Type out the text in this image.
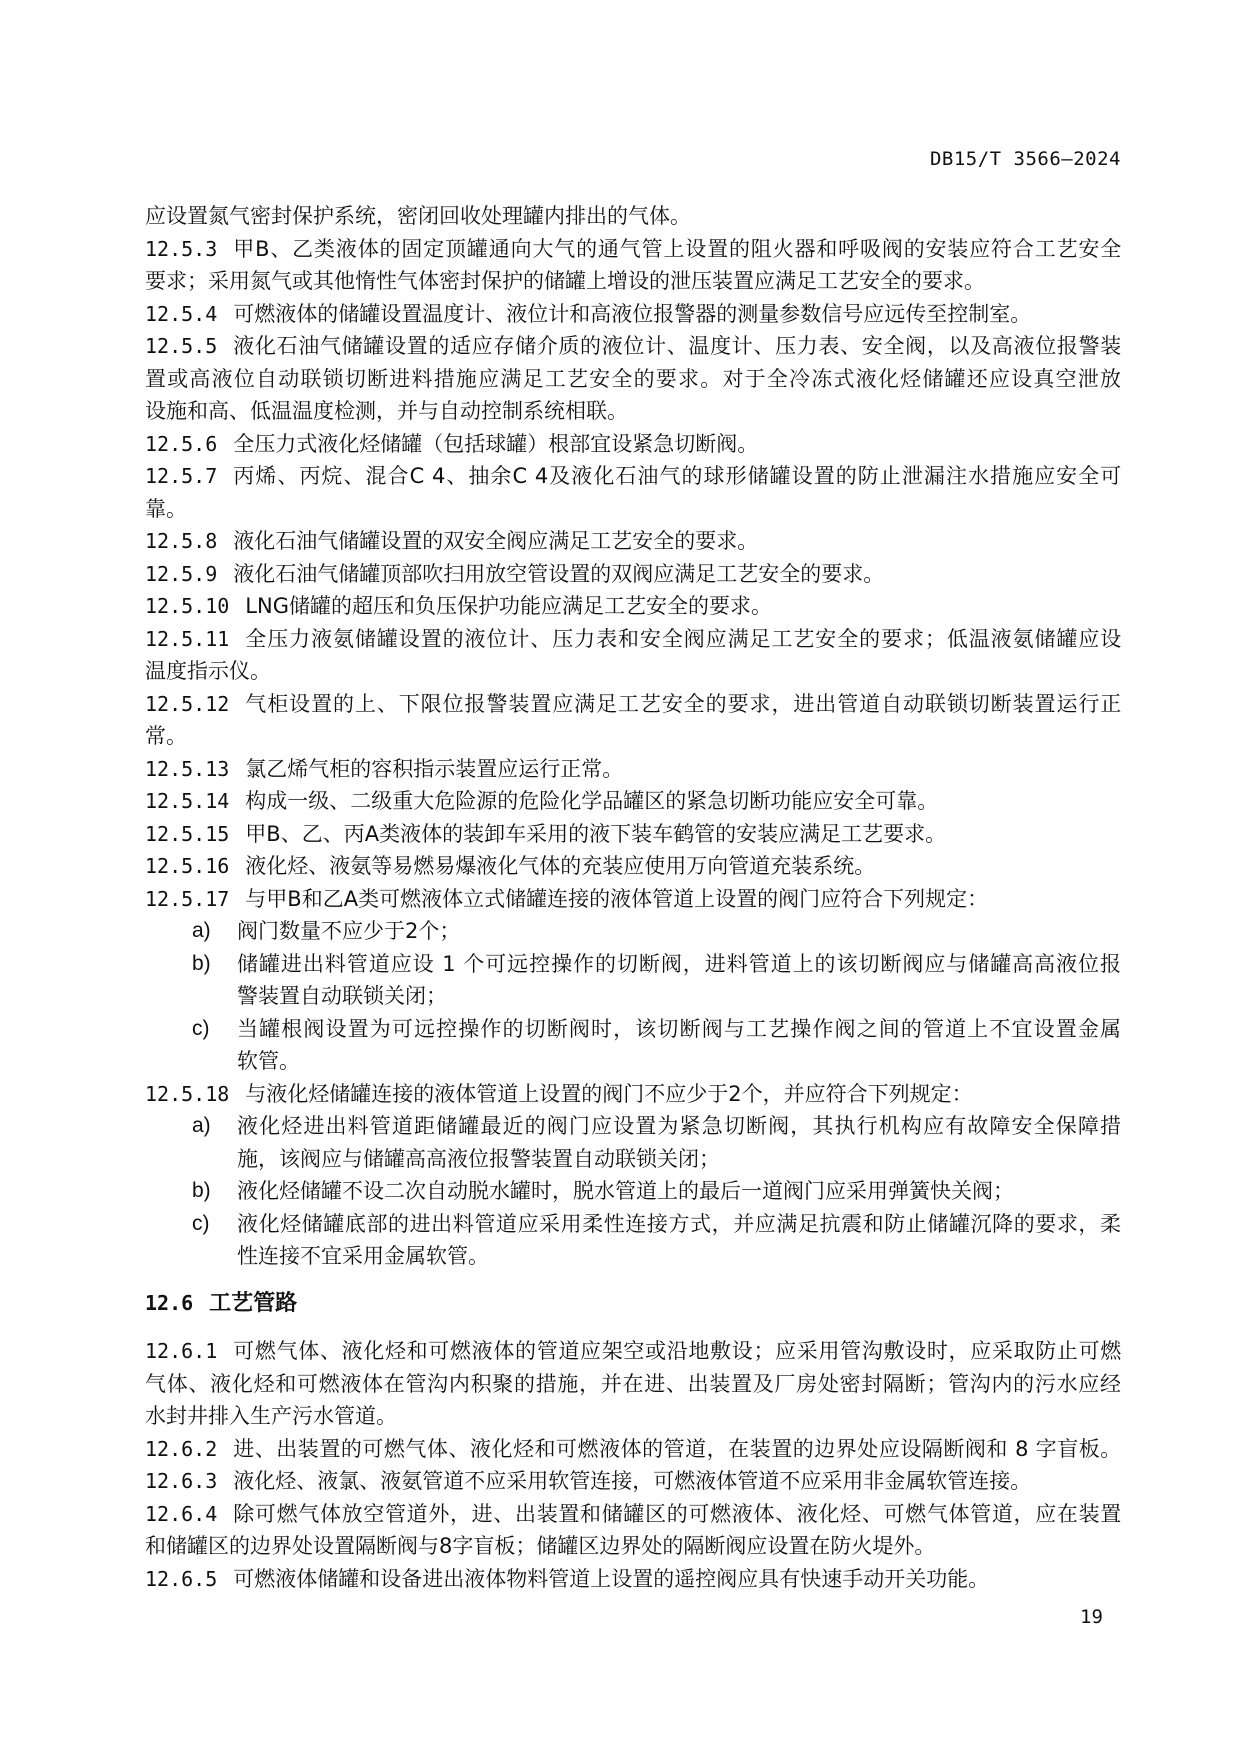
DB15/T 3566—2024
应设置氮气密封保护系统，密闭回收处理罐内排出的气体。
12.5.3 甲B、乙类液体的固定顶罐通向大气的通气管上设置的阻火器和呼吸阀的安装应符合工艺安全
要求；采用氮气或其他惰性气体密封保护的储罐上增设的泄压装置应满足工艺安全的要求。
12.5.4 可燃液体的储罐设置温度计、液位计和高液位报警器的测量参数信号应远传至控制室。
12.5.5 液化石油气储罐设置的适应存储介质的液位计、温度计、压力表、安全阀，以及高液位报警装
置或高液位自动联锁切断进料措施应满足工艺安全的要求。对于全冷冻式液化烃储罐还应设真空泄放
设施和高、低温温度检测，并与自动控制系统相联。
12.5.6 全压力式液化烃储罐（包括球罐）根部宜设紧急切断阀。
12.5.7 丙烯、丙烷、混合C 4、抽余C 4及液化石油气的球形储罐设置的防止泄漏注水措施应安全可
靠。
12.5.8 液化石油气储罐设置的双安全阀应满足工艺安全的要求。
12.5.9 液化石油气储罐顶部吹扫用放空管设置的双阀应满足工艺安全的要求。
12.5.10 LNG储罐的超压和负压保护功能应满足工艺安全的要求。
12.5.11 全压力液氨储罐设置的液位计、压力表和安全阀应满足工艺安全的要求；低温液氨储罐应设
温度指示仪。
12.5.12 气柜设置的上、下限位报警装置应满足工艺安全的要求，进出管道自动联锁切断装置运行正
常。
12.5.13 氯乙烯气柜的容积指示装置应运行正常。
12.5.14 构成一级、二级重大危险源的危险化学品罐区的紧急切断功能应安全可靠。
12.5.15 甲B、乙、丙A类液体的装卸车采用的液下装车鹤管的安装应满足工艺要求。
12.5.16 液化烃、液氨等易燃易爆液化气体的充装应使用万向管道充装系统。
12.5.17 与甲B和乙A类可燃液体立式储罐连接的液体管道上设置的阀门应符合下列规定：
a) 阀门数量不应少于2个；
b) 储罐进出料管道应设 1 个可远控操作的切断阀，进料管道上的该切断阀应与储罐高高液位报
警装置自动联锁关闭；
c) 当罐根阀设置为可远控操作的切断阀时，该切断阀与工艺操作阀之间的管道上不宜设置金属
软管。
12.5.18 与液化烃储罐连接的液体管道上设置的阀门不应少于2个，并应符合下列规定：
a) 液化烃进出料管道距储罐最近的阀门应设置为紧急切断阀，其执行机构应有故障安全保障措
施，该阀应与储罐高高液位报警装置自动联锁关闭；
b) 液化烃储罐不设二次自动脱水罐时，脱水管道上的最后一道阀门应采用弹簧快关阀；
c) 液化烃储罐底部的进出料管道应采用柔性连接方式，并应满足抗震和防止储罐沉降的要求，柔
性连接不宜采用金属软管。
12.6 工艺管路
12.6.1 可燃气体、液化烃和可燃液体的管道应架空或沿地敷设；应采用管沟敷设时，应采取防止可燃
气体、液化烃和可燃液体在管沟内积聚的措施，并在进、出装置及厂房处密封隔断；管沟内的污水应经
水封井排入生产污水管道。
12.6.2 进、出装置的可燃气体、液化烃和可燃液体的管道，在装置的边界处应设隔断阀和 8 字盲板。
12.6.3 液化烃、液氯、液氨管道不应采用软管连接，可燃液体管道不应采用非金属软管连接。
12.6.4 除可燃气体放空管道外，进、出装置和储罐区的可燃液体、液化烃、可燃气体管道，应在装置
和储罐区的边界处设置隔断阀与8字盲板；储罐区边界处的隔断阀应设置在防火堤外。
12.6.5 可燃液体储罐和设备进出液体物料管道上设置的遥控阀应具有快速手动开关功能。
19
